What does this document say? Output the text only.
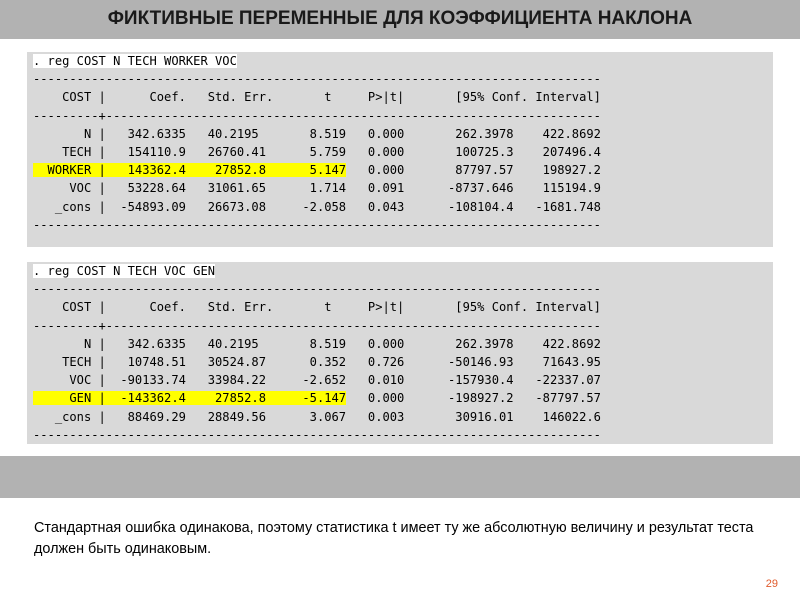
ФИКТИВНЫЕ ПЕРЕМЕННЫЕ ДЛЯ КОЭФФИЦИЕНТА НАКЛОНА
. reg COST N TECH WORKER VOC
------------------------------------------------------------------------------
COST |      Coef.   Std. Err.       t     P>|t|       [95% Conf. Interval]
---------+--------------------------------------------------------------------
N |   342.6335   40.2195       8.519   0.000       262.3978    422.8692
TECH |   154110.9   26760.41      5.759   0.000       100725.3    207496.4
WORKER |   143362.4    27852.8      5.147   0.000       87797.57    198927.2
VOC |   53228.64   31061.65      1.714   0.091      -8737.646    115194.9
_cons |  -54893.09   26673.08     -2.058   0.043      -108104.4   -1681.748
------------------------------------------------------------------------------
. reg COST N TECH VOC GEN
------------------------------------------------------------------------------
COST |      Coef.   Std. Err.       t     P>|t|       [95% Conf. Interval]
---------+--------------------------------------------------------------------
N |   342.6335   40.2195       8.519   0.000       262.3978    422.8692
TECH |   10748.51   30524.87      0.352   0.726      -50146.93    71643.95
VOC |  -90133.74   33984.22     -2.652   0.010      -157930.4   -22337.07
GEN |  -143362.4    27852.8     -5.147   0.000      -198927.2   -87797.57
_cons |   88469.29   28849.56      3.067   0.003       30916.01    146022.6
------------------------------------------------------------------------------
Стандартная ошибка одинакова, поэтому статистика t имеет ту же абсолютную величину и результат теста должен быть одинаковым.
29
